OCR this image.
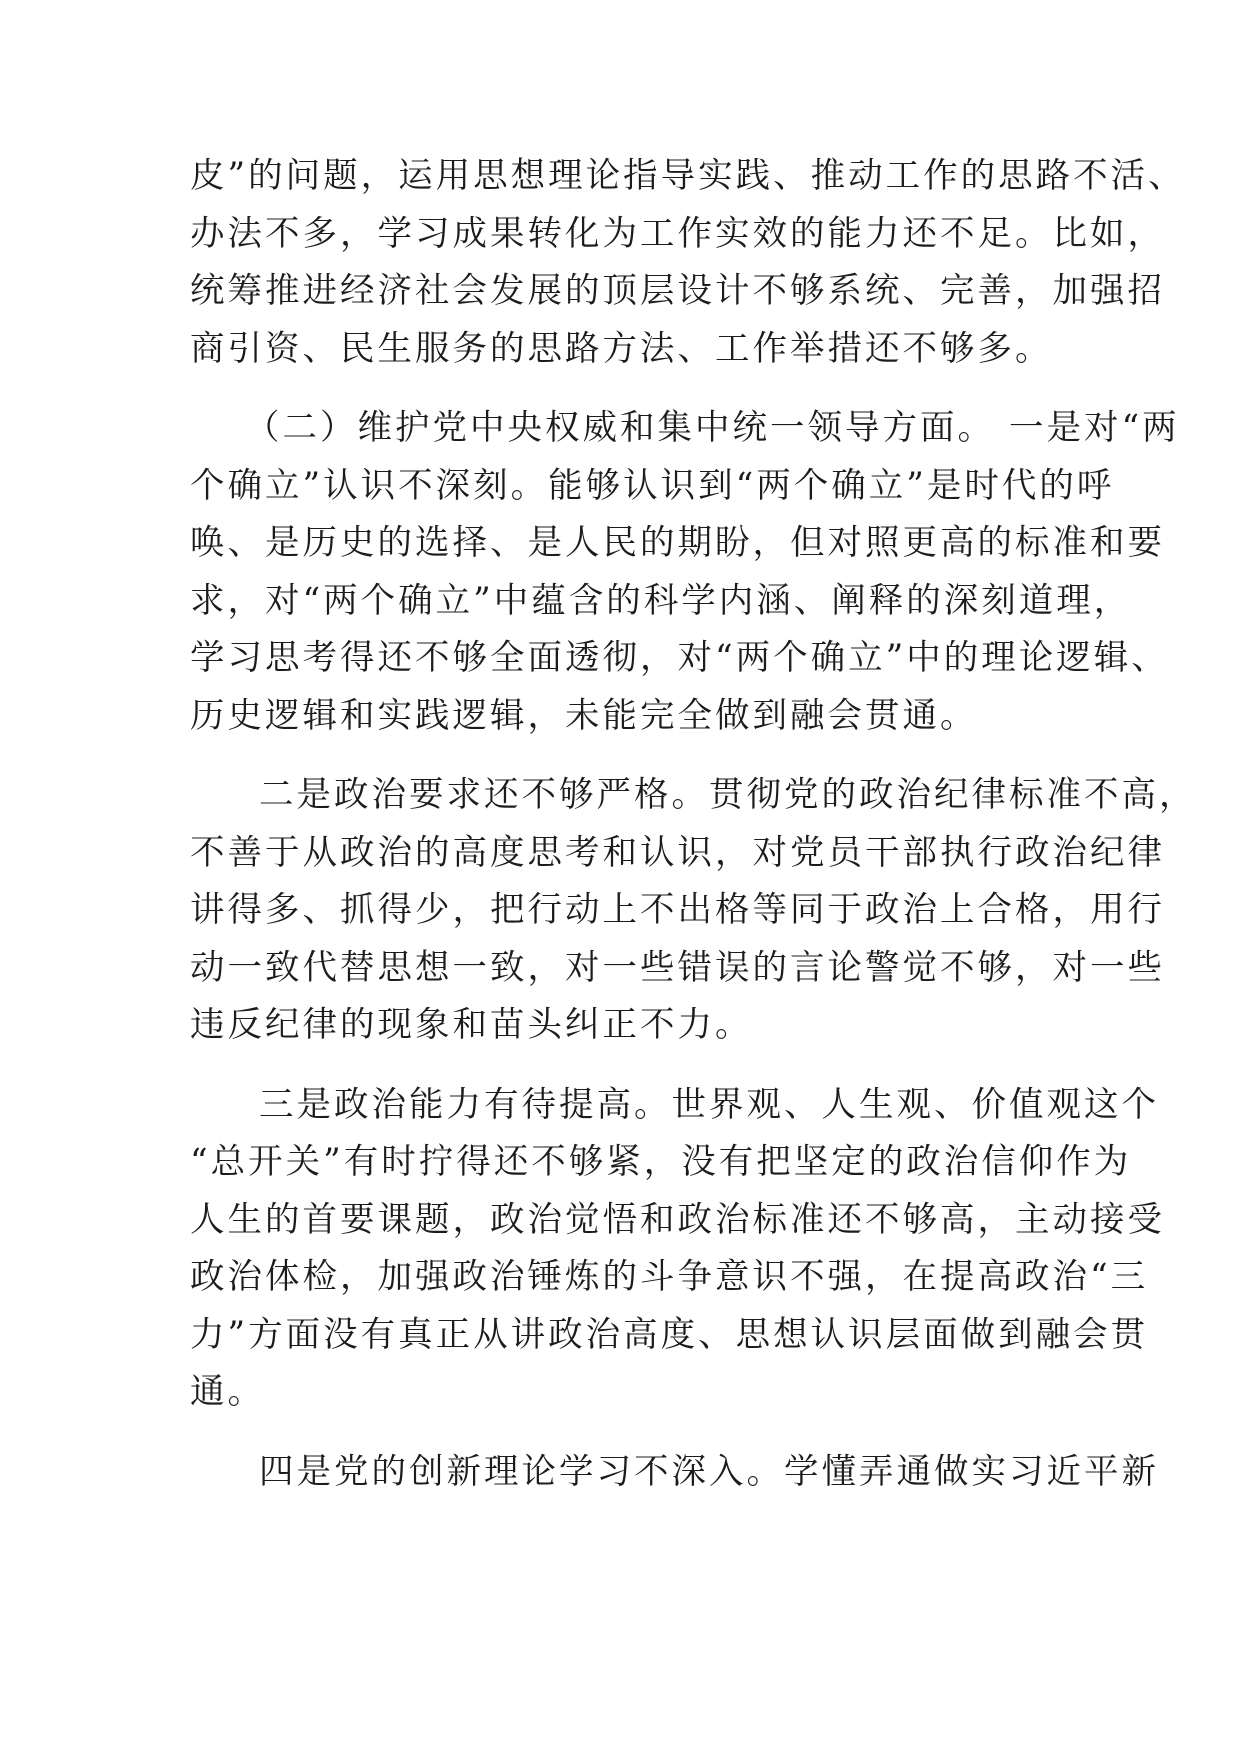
皮”的问题，运用思想理论指导实践、推动工作的思路不活、
办法不多，学习成果转化为工作实效的能力还不足。比如，
统筹推进经济社会发展的顶层设计不够系统、完善，加强招
商引资、民生服务的思路方法、工作举措还不够多。
（二）维护党中央权威和集中统一领导方面。 一是对“两
个确立”认识不深刻。能够认识到“两个确立”是时代的呼
唤、是历史的选择、是人民的期盼，但对照更高的标准和要
求，对“两个确立”中蕴含的科学内涵、阐释的深刻道理，
学习思考得还不够全面透彻，对“两个确立”中的理论逻辑、
历史逻辑和实践逻辑，未能完全做到融会贯通。
二是政治要求还不够严格。贯彻党的政治纪律标准不高，
不善于从政治的高度思考和认识，对党员干部执行政治纪律
讲得多、抓得少，把行动上不出格等同于政治上合格，用行
动一致代替思想一致，对一些错误的言论警觉不够，对一些
违反纪律的现象和苗头纠正不力。
三是政治能力有待提高。世界观、人生观、价值观这个
“总开关”有时拧得还不够紧，没有把坚定的政治信仰作为
人生的首要课题，政治觉悟和政治标准还不够高，主动接受
政治体检，加强政治锤炼的斗争意识不强，在提高政治“三
力”方面没有真正从讲政治高度、思想认识层面做到融会贯
通。
四是党的创新理论学习不深入。学懂弄通做实习近平新
